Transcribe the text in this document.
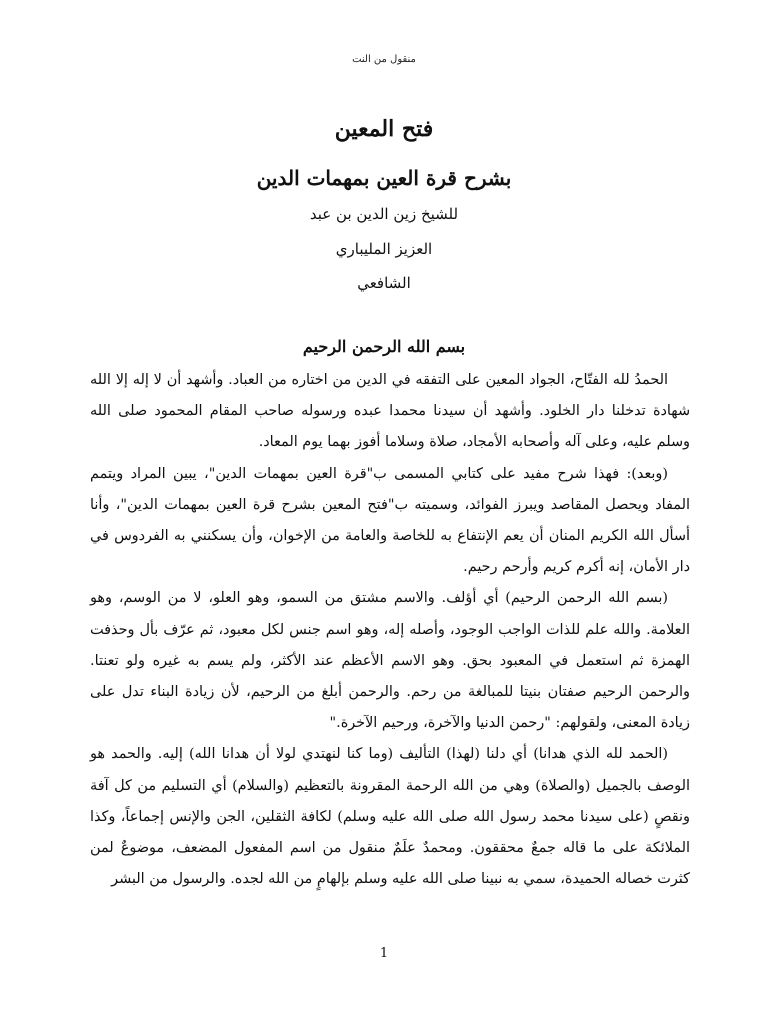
منقول من النت
فتح المعين
بشرح قرة العين بمهمات الدين
للشيخ زين الدين بن عبد
العزيز المليباري
الشافعي
بسم الله الرحمن الرحيم

الحمدُ لله الفتّاح، الجواد المعين على التفقه في الدين من اختاره من العباد. وأشهد أن لا إله إلا الله شهادة تدخلنا دار الخلود. وأشهد أن سيدنا محمدا عبده ورسوله صاحب المقام المحمود صلى الله وسلم عليه، وعلى آله وأصحابه الأمجاد، صلاة وسلاما أفوز بهما يوم المعاد.

(وبعد): فهذا شرح مفيد على كتابي المسمى ب"قرة العين بمهمات الدين"، يبين المراد ويتمم المفاد ويحصل المقاصد ويبرز الفوائد، وسميته ب"فتح المعين بشرح قرة العين بمهمات الدين"، وأنا أسأل الله الكريم المنان أن يعم الإنتفاع به للخاصة والعامة من الإخوان، وأن يسكنني به الفردوس في دار الأمان، إنه أكرم كريم وأرحم رحيم.

(بسم الله الرحمن الرحيم) أي أؤلف. والاسم مشتق من السمو، وهو العلو، لا من الوسم، وهو العلامة. والله علم للذات الواجب الوجود، وأصله إله، وهو اسم جنس لكل معبود، ثم عرّف بأل وحذفت الهمزة ثم استعمل في المعبود بحق. وهو الاسم الأعظم عند الأكثر، ولم يسم به غيره ولو تعنتا. والرحمن الرحيم صفتان بنيتا للمبالغة من رحم. والرحمن أبلغ من الرحيم، لأن زيادة البناء تدل على زيادة المعنى، ولقولهم: "رحمن الدنيا والآخرة، ورحيم الآخرة."

(الحمد لله الذي هدانا) أي دلنا (لهذا) التأليف (وما كنا لنهتدي لولا أن هدانا الله) إليه. والحمد هو الوصف بالجميل (والصلاة) وهي من الله الرحمة المقرونة بالتعظيم (والسلام) أي التسليم من كل آفة ونقصٍ (على سيدنا محمد رسول الله صلى الله عليه وسلم) لكافة الثقلين، الجن والإنس إجماعاً، وكذا الملائكة على ما قاله جمعٌ محققون. ومحمدٌ علَمٌ منقول من اسم المفعول المضعف، موضوعٌ لمن كثرت خصاله الحميدة، سمي به نبينا صلى الله عليه وسلم بإلهامٍ من الله لجده. والرسول من البشر

1
